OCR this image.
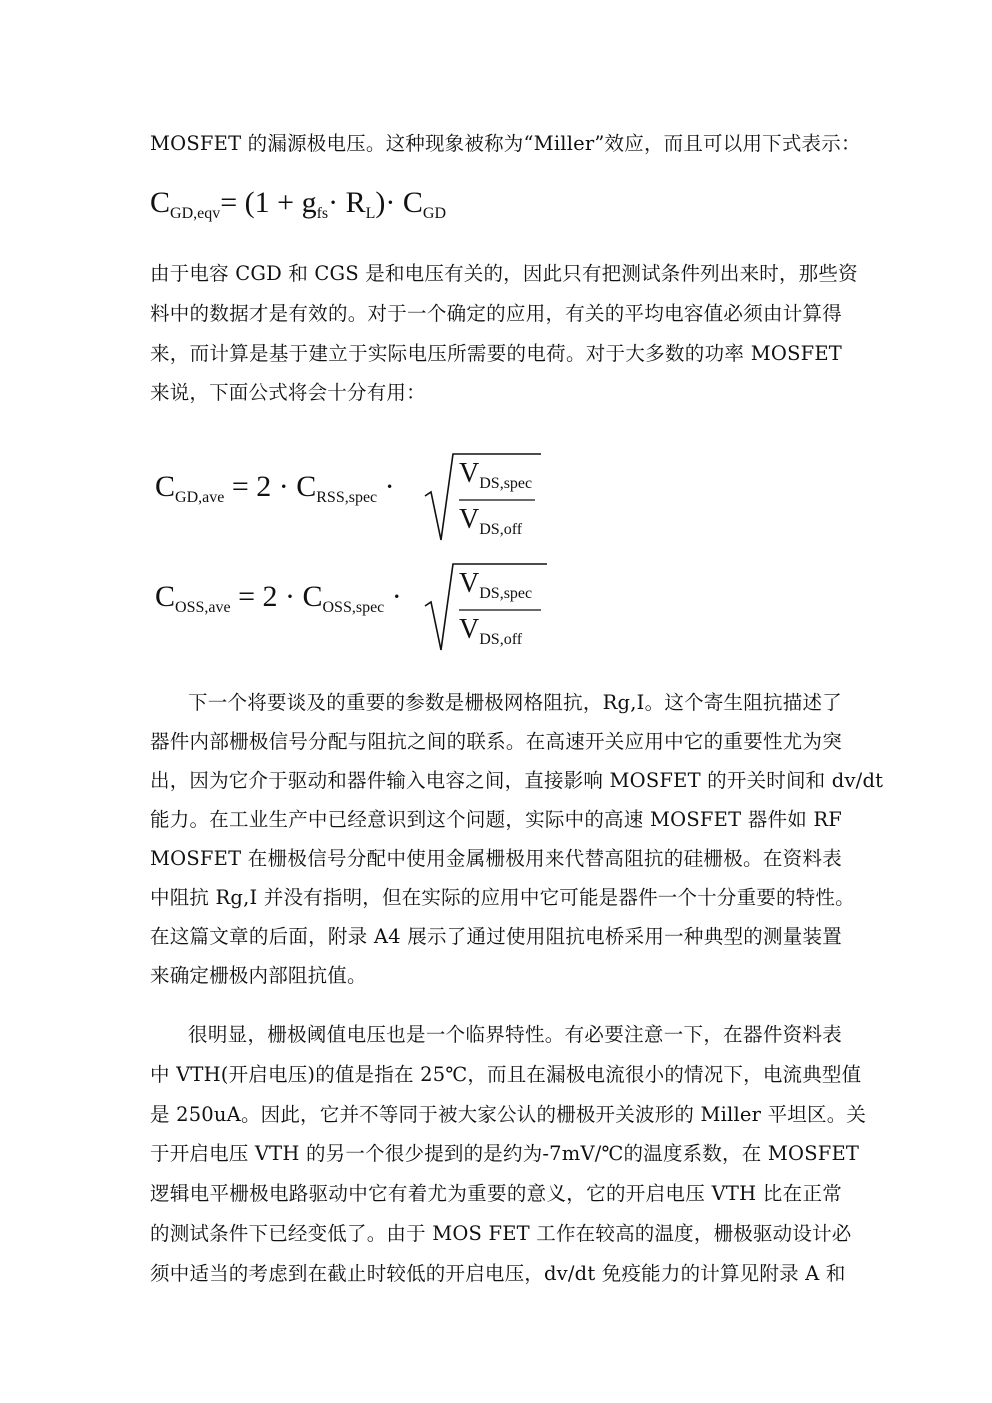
MOSFET 的漏源极电压。这种现象被称为“Miller”效应，而且可以用下式表示：
$C_{GD,eqv}= (1 + g_{fs}\cdot R_L)\cdot C_{GD}$
由于电容 CGD 和 CGS 是和电压有关的，因此只有把测试条件列出来时，那些资
料中的数据才是有效的。对于一个确定的应用，有关的平均电容值必须由计算得
来，而计算是基于建立于实际电压所需要的电荷。对于大多数的功率 MOSFET
来说，下面公式将会十分有用：
$C_{GD,ave} = 2 \cdot C_{RSS,spec} \cdot V_{DS,spec}$
$V_{DS,off}$
$C_{OSS,ave} = 2 \cdot C_{OSS,spec} \cdot V_{DS,spec}$
$V_{DS,off}$
下一个将要谈及的重要的参数是栅极网格阻抗，Rg,I。这个寄生阻抗描述了
器件内部栅极信号分配与阻抗之间的联系。在高速开关应用中它的重要性尤为突
出，因为它介于驱动和器件输入电容之间，直接影响 MOSFET 的开关时间和 dv/dt
能力。在工业生产中已经意识到这个问题，实际中的高速 MOSFET 器件如 RF
MOSFET 在栅极信号分配中使用金属栅极用来代替高阻抗的硅栅极。在资料表
中阻抗 Rg,I 并没有指明，但在实际的应用中它可能是器件一个十分重要的特性。
在这篇文章的后面，附录 A4 展示了通过使用阻抗电桥采用一种典型的测量装置
来确定栅极内部阻抗值。
很明显，栅极阈值电压也是一个临界特性。有必要注意一下，在器件资料表
中 VTH(开启电压)的值是指在 25℃，而且在漏极电流很小的情况下，电流典型值
是 250uA。因此，它并不等同于被大家公认的栅极开关波形的 Miller 平坦区。关
于开启电压 VTH 的另一个很少提到的是约为-7mV/℃的温度系数，在 MOSFET
逻辑电平栅极电路驱动中它有着尤为重要的意义，它的开启电压 VTH 比在正常
的测试条件下已经变低了。由于 MOS FET 工作在较高的温度，栅极驱动设计必
须中适当的考虑到在截止时较低的开启电压，dv/dt 免疫能力的计算见附录 A 和
